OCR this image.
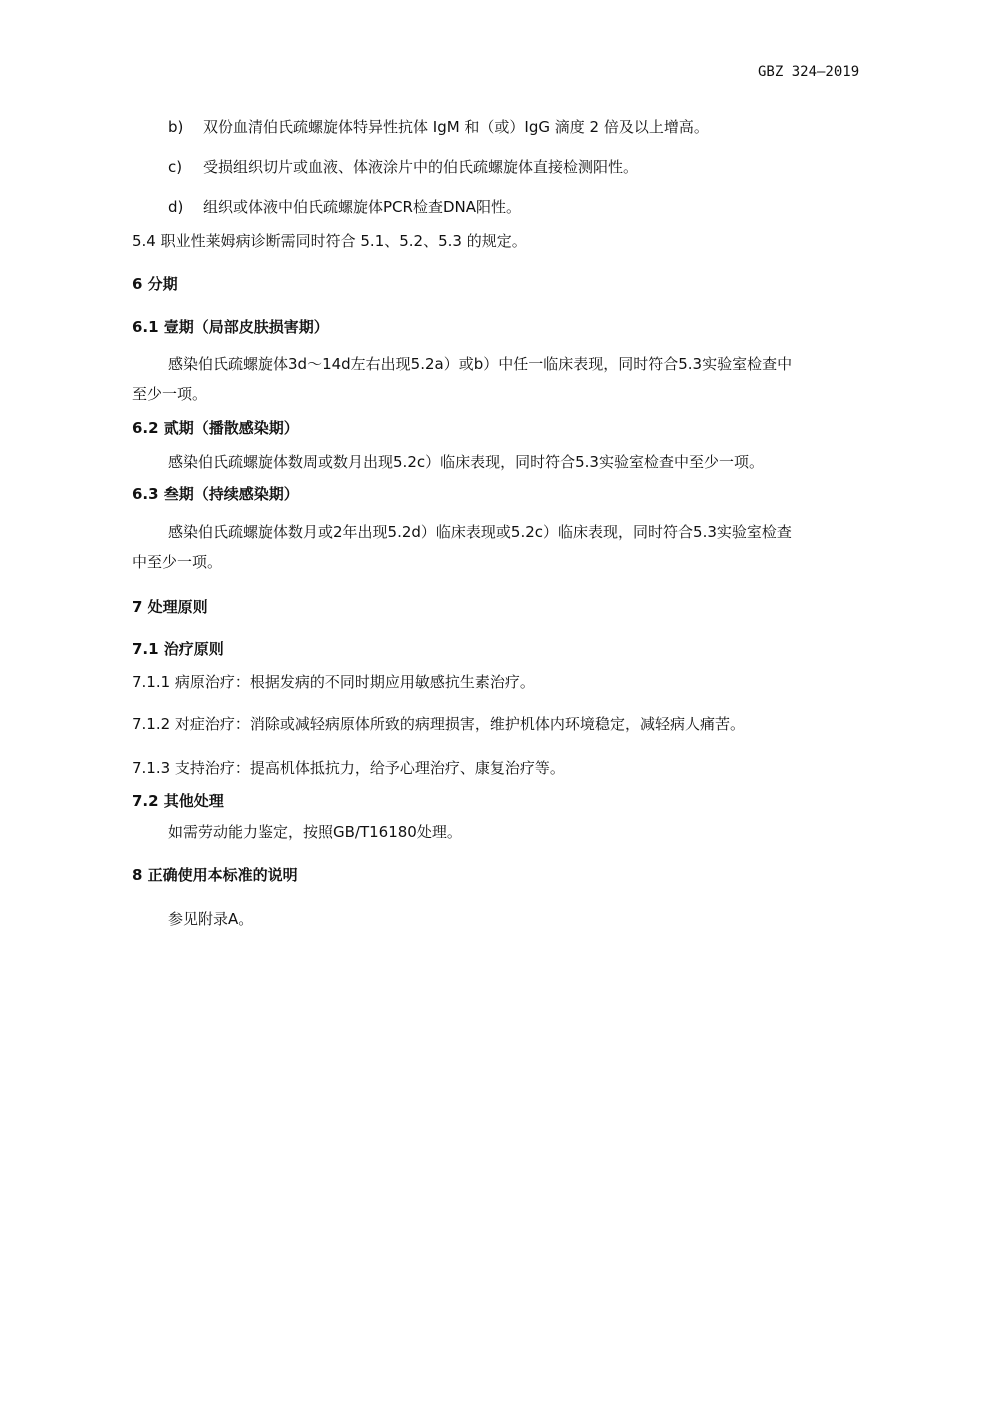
GBZ 324—2019
b) 双份血清伯氏疏螺旋体特异性抗体 IgM 和（或）IgG 滴度 2 倍及以上增高。
c) 受损组织切片或血液、体液涂片中的伯氏疏螺旋体直接检测阳性。
d) 组织或体液中伯氏疏螺旋体PCR检查DNA阳性。
5.4 职业性莱姆病诊断需同时符合 5.1、5.2、5.3 的规定。
6 分期
6.1 壹期（局部皮肤损害期）
感染伯氏疏螺旋体3d～14d左右出现5.2a）或b）中任一临床表现，同时符合5.3实验室检查中
至少一项。
6.2 贰期（播散感染期）
感染伯氏疏螺旋体数周或数月出现5.2c）临床表现，同时符合5.3实验室检查中至少一项。
6.3 叁期（持续感染期）
感染伯氏疏螺旋体数月或2年出现5.2d）临床表现或5.2c）临床表现，同时符合5.3实验室检查
中至少一项。
7 处理原则
7.1 治疗原则
7.1.1 病原治疗：根据发病的不同时期应用敏感抗生素治疗。
7.1.2 对症治疗：消除或减轻病原体所致的病理损害，维护机体内环境稳定，减轻病人痛苦。
7.1.3 支持治疗：提高机体抵抗力，给予心理治疗、康复治疗等。
7.2 其他处理
如需劳动能力鉴定，按照GB/T16180处理。
8 正确使用本标准的说明
参见附录A。
